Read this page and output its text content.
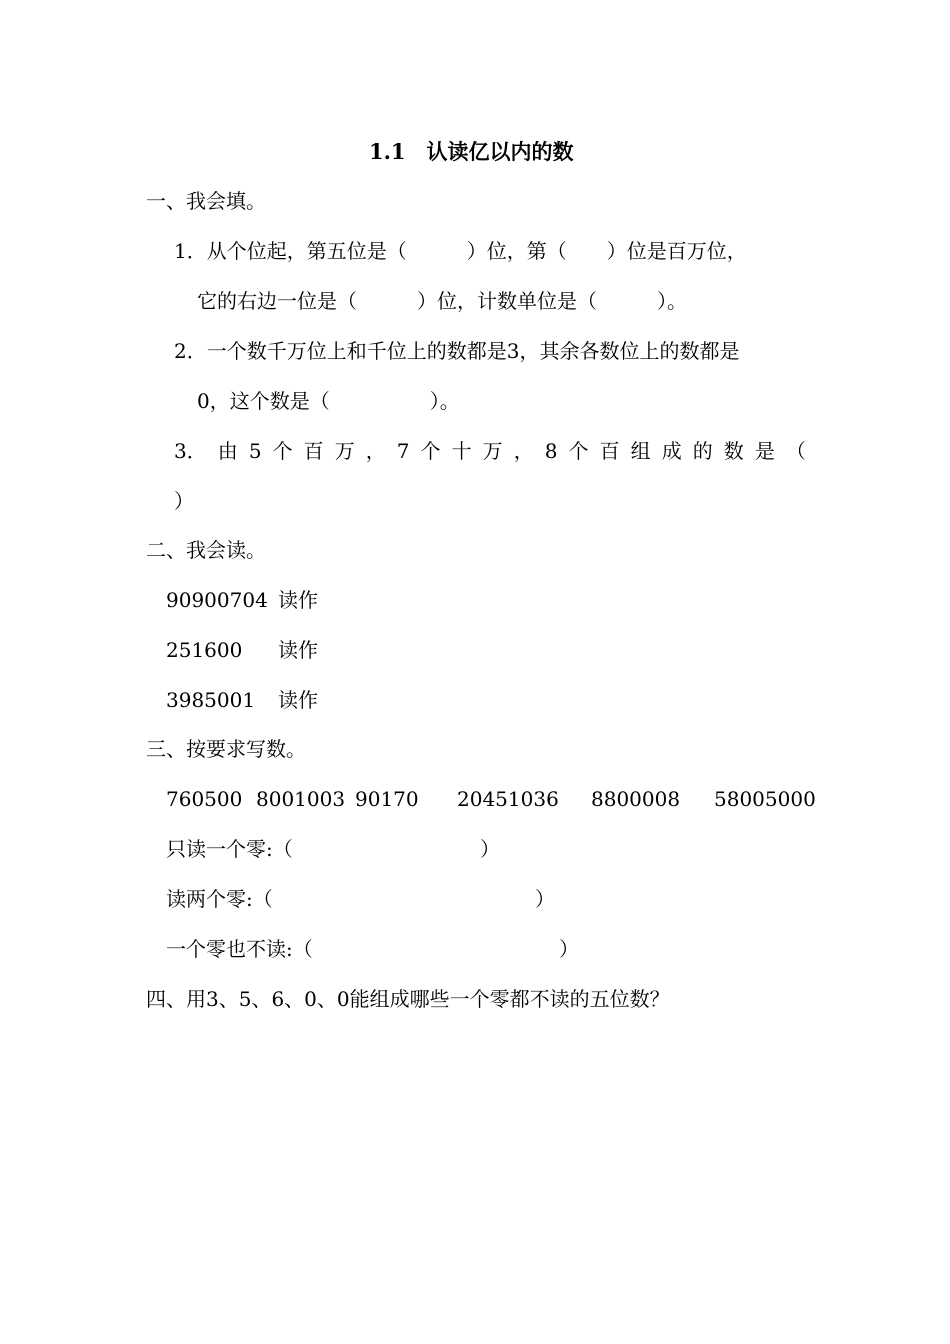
1.1　认读亿以内的数
一、我会填。
1．从个位起，第五位是（　　　）位，第（　　）位是百万位，
它的右边一位是（　　　）位，计数单位是（　　　）。
2．一个数千万位上和千位上的数都是3，其余各数位上的数都是
0，这个数是（　　　　　）。
3． 由 5 个 百 万 ， 7 个 十 万 ， 8 个 百 组 成 的 数 是 （
）
二、我会读。
90900704 读作
251600 读作
3985001 读作
三、按要求写数。
760500 8001003 90170 20451036 8800008 58005000
只读一个零:（	）
读两个零:（	）
一个零也不读:（	）
四、用3、5、6、0、0能组成哪些一个零都不读的五位数？
